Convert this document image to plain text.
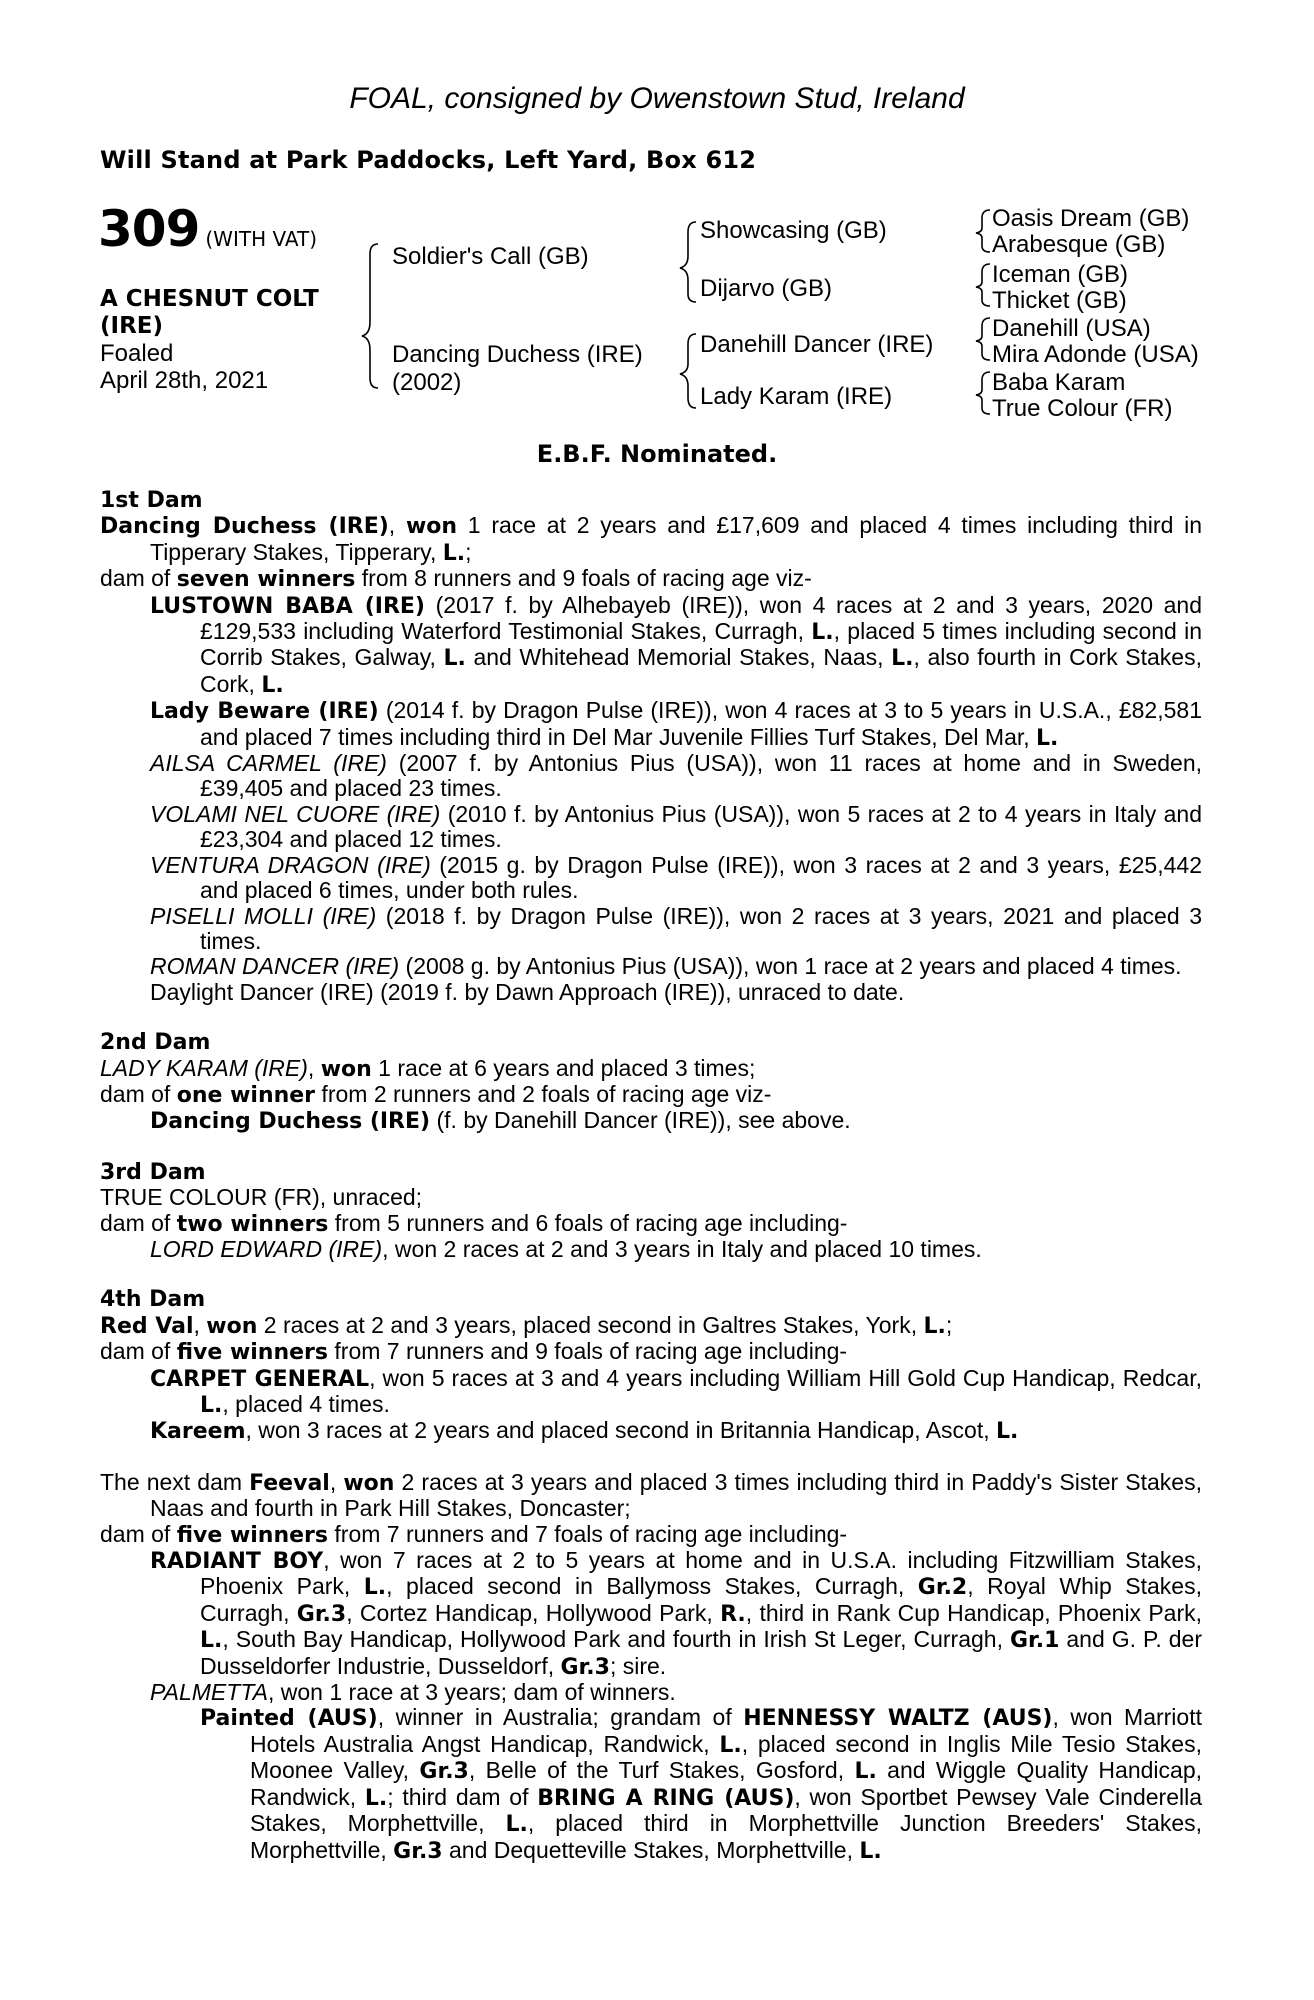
FOAL, consigned by Owenstown Stud, Ireland
Will Stand at Park Paddocks, Left Yard, Box 612
309 (WITH VAT)
A CHESNUT COLT
(IRE)
Foaled
April 28th, 2021
Soldier's Call (GB)
Dancing Duchess (IRE)
(2002)
Showcasing (GB)
Dijarvo (GB)
Danehill Dancer (IRE)
Lady Karam (IRE)
Oasis Dream (GB)
Arabesque (GB)
Iceman (GB)
Thicket (GB)
Danehill (USA)
Mira Adonde (USA)
Baba Karam
True Colour (FR)
E.B.F. Nominated.
1st Dam
Dancing Duchess (IRE), won 1 race at 2 years and £17,609 and placed 4 times including third in Tipperary Stakes, Tipperary, L.;
dam of seven winners from 8 runners and 9 foals of racing age viz-
LUSTOWN BABA (IRE) (2017 f. by Alhebayeb (IRE)), won 4 races at 2 and 3 years, 2020 and £129,533 including Waterford Testimonial Stakes, Curragh, L., placed 5 times including second in Corrib Stakes, Galway, L. and Whitehead Memorial Stakes, Naas, L., also fourth in Cork Stakes, Cork, L.
Lady Beware (IRE) (2014 f. by Dragon Pulse (IRE)), won 4 races at 3 to 5 years in U.S.A., £82,581 and placed 7 times including third in Del Mar Juvenile Fillies Turf Stakes, Del Mar, L.
AILSA CARMEL (IRE) (2007 f. by Antonius Pius (USA)), won 11 races at home and in Sweden, £39,405 and placed 23 times.
VOLAMI NEL CUORE (IRE) (2010 f. by Antonius Pius (USA)), won 5 races at 2 to 4 years in Italy and £23,304 and placed 12 times.
VENTURA DRAGON (IRE) (2015 g. by Dragon Pulse (IRE)), won 3 races at 2 and 3 years, £25,442 and placed 6 times, under both rules.
PISELLI MOLLI (IRE) (2018 f. by Dragon Pulse (IRE)), won 2 races at 3 years, 2021 and placed 3 times.
ROMAN DANCER (IRE) (2008 g. by Antonius Pius (USA)), won 1 race at 2 years and placed 4 times.
Daylight Dancer (IRE) (2019 f. by Dawn Approach (IRE)), unraced to date.
2nd Dam
LADY KARAM (IRE), won 1 race at 6 years and placed 3 times;
dam of one winner from 2 runners and 2 foals of racing age viz-
Dancing Duchess (IRE) (f. by Danehill Dancer (IRE)), see above.
3rd Dam
TRUE COLOUR (FR), unraced;
dam of two winners from 5 runners and 6 foals of racing age including-
LORD EDWARD (IRE), won 2 races at 2 and 3 years in Italy and placed 10 times.
4th Dam
Red Val, won 2 races at 2 and 3 years, placed second in Galtres Stakes, York, L.;
dam of five winners from 7 runners and 9 foals of racing age including-
CARPET GENERAL, won 5 races at 3 and 4 years including William Hill Gold Cup Handicap, Redcar, L., placed 4 times.
Kareem, won 3 races at 2 years and placed second in Britannia Handicap, Ascot, L.
The next dam Feeval, won 2 races at 3 years and placed 3 times including third in Paddy's Sister Stakes, Naas and fourth in Park Hill Stakes, Doncaster;
dam of five winners from 7 runners and 7 foals of racing age including-
RADIANT BOY, won 7 races at 2 to 5 years at home and in U.S.A. including Fitzwilliam Stakes, Phoenix Park, L., placed second in Ballymoss Stakes, Curragh, Gr.2, Royal Whip Stakes, Curragh, Gr.3, Cortez Handicap, Hollywood Park, R., third in Rank Cup Handicap, Phoenix Park, L., South Bay Handicap, Hollywood Park and fourth in Irish St Leger, Curragh, Gr.1 and G. P. der Dusseldorfer Industrie, Dusseldorf, Gr.3; sire.
PALMETTA, won 1 race at 3 years; dam of winners.
Painted (AUS), winner in Australia; grandam of HENNESSY WALTZ (AUS), won Marriott Hotels Australia Angst Handicap, Randwick, L., placed second in Inglis Mile Tesio Stakes, Moonee Valley, Gr.3, Belle of the Turf Stakes, Gosford, L. and Wiggle Quality Handicap, Randwick, L.; third dam of BRING A RING (AUS), won Sportbet Pewsey Vale Cinderella Stakes, Morphettville, L., placed third in Morphettville Junction Breeders' Stakes, Morphettville, Gr.3 and Dequetteville Stakes, Morphettville, L.
